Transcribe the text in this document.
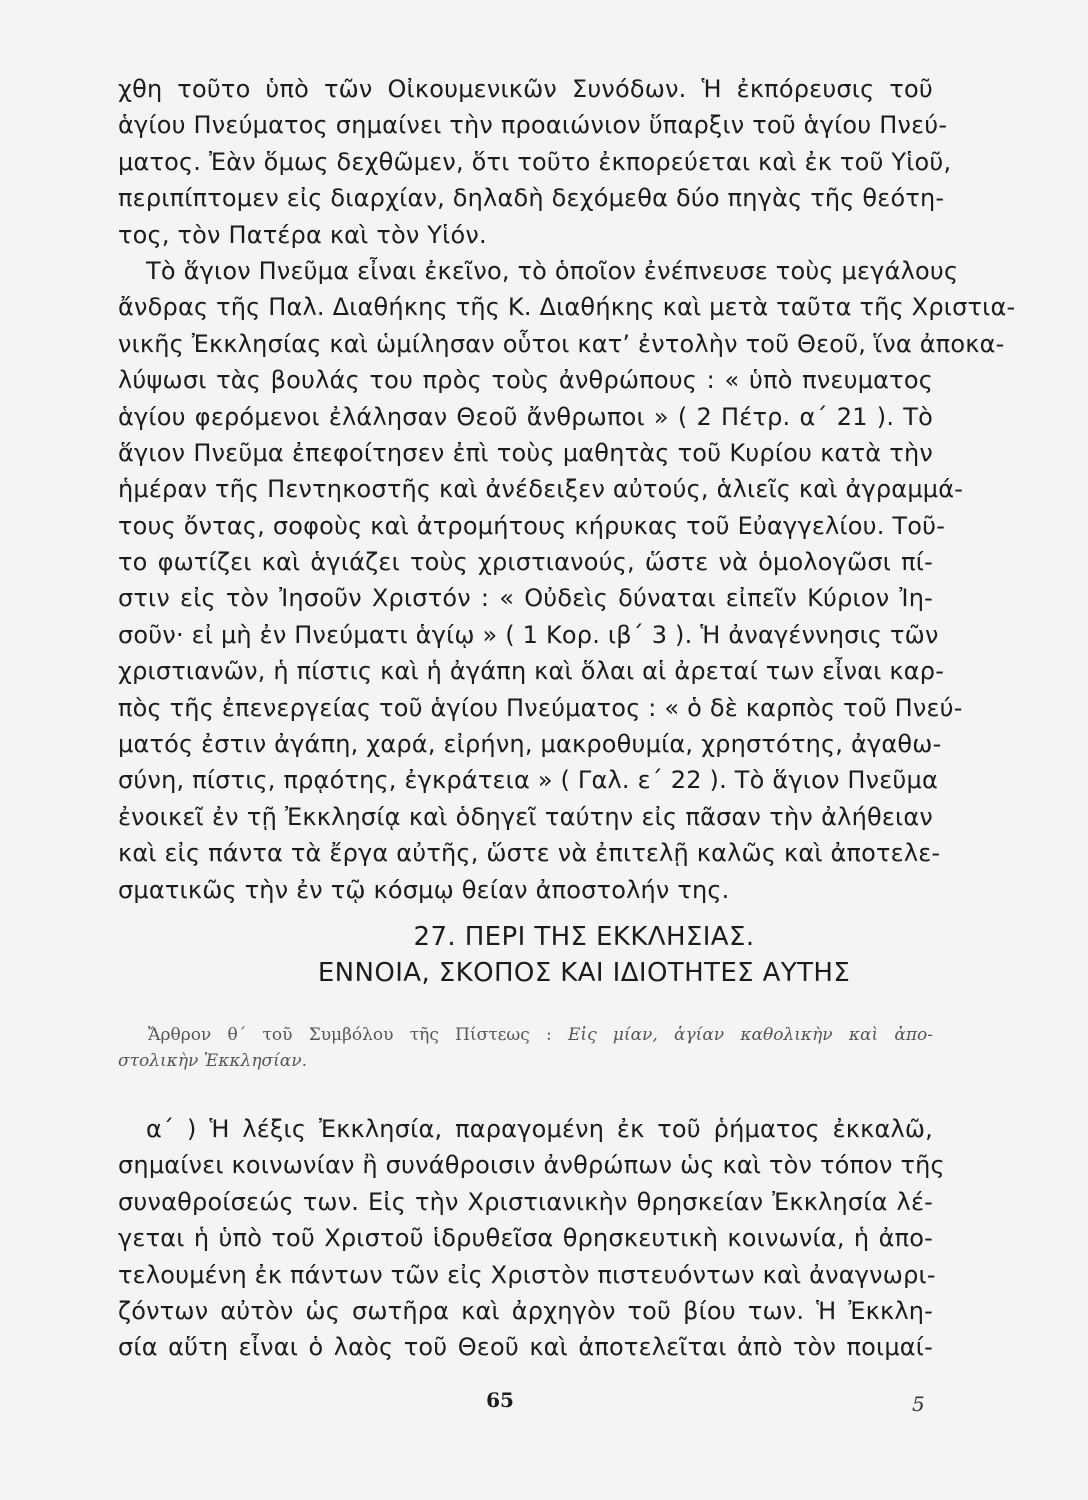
χθη τοῦτο ὑπὸ τῶν Οἰκουμενικῶν Συνόδων. Ἡ ἐκπόρευσις τοῦ
ἁγίου Πνεύματος σημαίνει τὴν προαιώνιον ὕπαρξιν τοῦ ἁγίου Πνεύ-
ματος. Ἐὰν ὅμως δεχθῶμεν, ὅτι τοῦτο ἐκπορεύεται καὶ ἐκ τοῦ Υἱοῦ,
περιπίπτομεν εἰς διαρχίαν, δηλαδὴ δεχόμεθα δύο πηγὰς τῆς θεότη-
τος, τὸν Πατέρα καὶ τὸν Υἱόν.
Τὸ ἅγιον Πνεῦμα εἶναι ἐκεῖνο, τὸ ὁποῖον ἐνέπνευσε τοὺς μεγάλους
ἄνδρας τῆς Παλ. Διαθήκης τῆς Κ. Διαθήκης καὶ μετὰ ταῦτα τῆς Χριστια-
νικῆς Ἐκκλησίας καὶ ὡμίλησαν οὗτοι κατ’ ἐντολὴν τοῦ Θεοῦ, ἵνα ἀποκα-
λύψωσι τὰς βουλάς του πρὸς τοὺς ἀνθρώπους : « ὑπὸ πνευματος
ἁγίου φερόμενοι ἐλάλησαν Θεοῦ ἄνθρωποι » ( 2 Πέτρ. α΄ 21 ). Τὸ
ἅγιον Πνεῦμα ἐπεφοίτησεν ἐπὶ τοὺς μαθητὰς τοῦ Κυρίου κατὰ τὴν
ἡμέραν τῆς Πεντηκοστῆς καὶ ἀνέδειξεν αὐτούς, ἁλιεῖς καὶ ἀγραμμά-
τους ὄντας, σοφοὺς καὶ ἀτρομήτους κήρυκας τοῦ Εὐαγγελίου. Τοῦ-
το φωτίζει καὶ ἁγιάζει τοὺς χριστιανούς, ὥστε νὰ ὁμολογῶσι πί-
στιν εἰς τὸν Ἰησοῦν Χριστόν : « Οὐδεὶς δύναται εἰπεῖν Κύριον Ἰη-
σοῦν· εἰ μὴ ἐν Πνεύματι ἁγίῳ » ( 1 Κορ. ιβ΄ 3 ). Ἡ ἀναγέννησις τῶν
χριστιανῶν, ἡ πίστις καὶ ἡ ἀγάπη καὶ ὅλαι αἱ ἀρεταί των εἶναι καρ-
πὸς τῆς ἐπενεργείας τοῦ ἁγίου Πνεύματος : « ὁ δὲ καρπὸς τοῦ Πνεύ-
ματός ἐστιν ἀγάπη, χαρά, εἰρήνη, μακροθυμία, χρηστότης, ἀγαθω-
σύνη, πίστις, πρᾳότης, ἐγκράτεια » ( Γαλ. ε΄ 22 ). Τὸ ἅγιον Πνεῦμα
ἐνοικεῖ ἐν τῇ Ἐκκλησίᾳ καὶ ὁδηγεῖ ταύτην εἰς πᾶσαν τὴν ἀλήθειαν
καὶ εἰς πάντα τὰ ἔργα αὐτῆς, ὥστε νὰ ἐπιτελῇ καλῶς καὶ ἀποτελε-
σματικῶς τὴν ἐν τῷ κόσμῳ θείαν ἀποστολήν της.
27. ΠΕΡΙ ΤΗΣ ΕΚΚΛΗΣΙΑΣ.
ΕΝΝΟΙΑ, ΣΚΟΠΟΣ ΚΑΙ ΙΔΙΟΤΗΤΕΣ ΑΥΤΗΣ
Ἄρθρον θ΄ τοῦ Συμβόλου τῆς Πίστεως : Εἰς μίαν, ἁγίαν καθολικὴν καὶ ἀπο-
στολικὴν Ἐκκλησίαν.
α΄ ) Ἡ λέξις Ἐκκλησία, παραγομένη ἐκ τοῦ ῥήματος ἐκκαλῶ,
σημαίνει κοινωνίαν ἢ συνάθροισιν ἀνθρώπων ὡς καὶ τὸν τόπον τῆς
συναθροίσεώς των. Εἰς τὴν Χριστιανικὴν θρησκείαν Ἐκκλησία λέ-
γεται ἡ ὑπὸ τοῦ Χριστοῦ ἱδρυθεῖσα θρησκευτικὴ κοινωνία, ἡ ἀπο-
τελουμένη ἐκ πάντων τῶν εἰς Χριστὸν πιστευόντων καὶ ἀναγνωρι-
ζόντων αὐτὸν ὡς σωτῆρα καὶ ἀρχηγὸν τοῦ βίου των. Ἡ Ἐκκλη-
σία αὕτη εἶναι ὁ λαὸς τοῦ Θεοῦ καὶ ἀποτελεῖται ἀπὸ τὸν ποιμαί-
65	5
